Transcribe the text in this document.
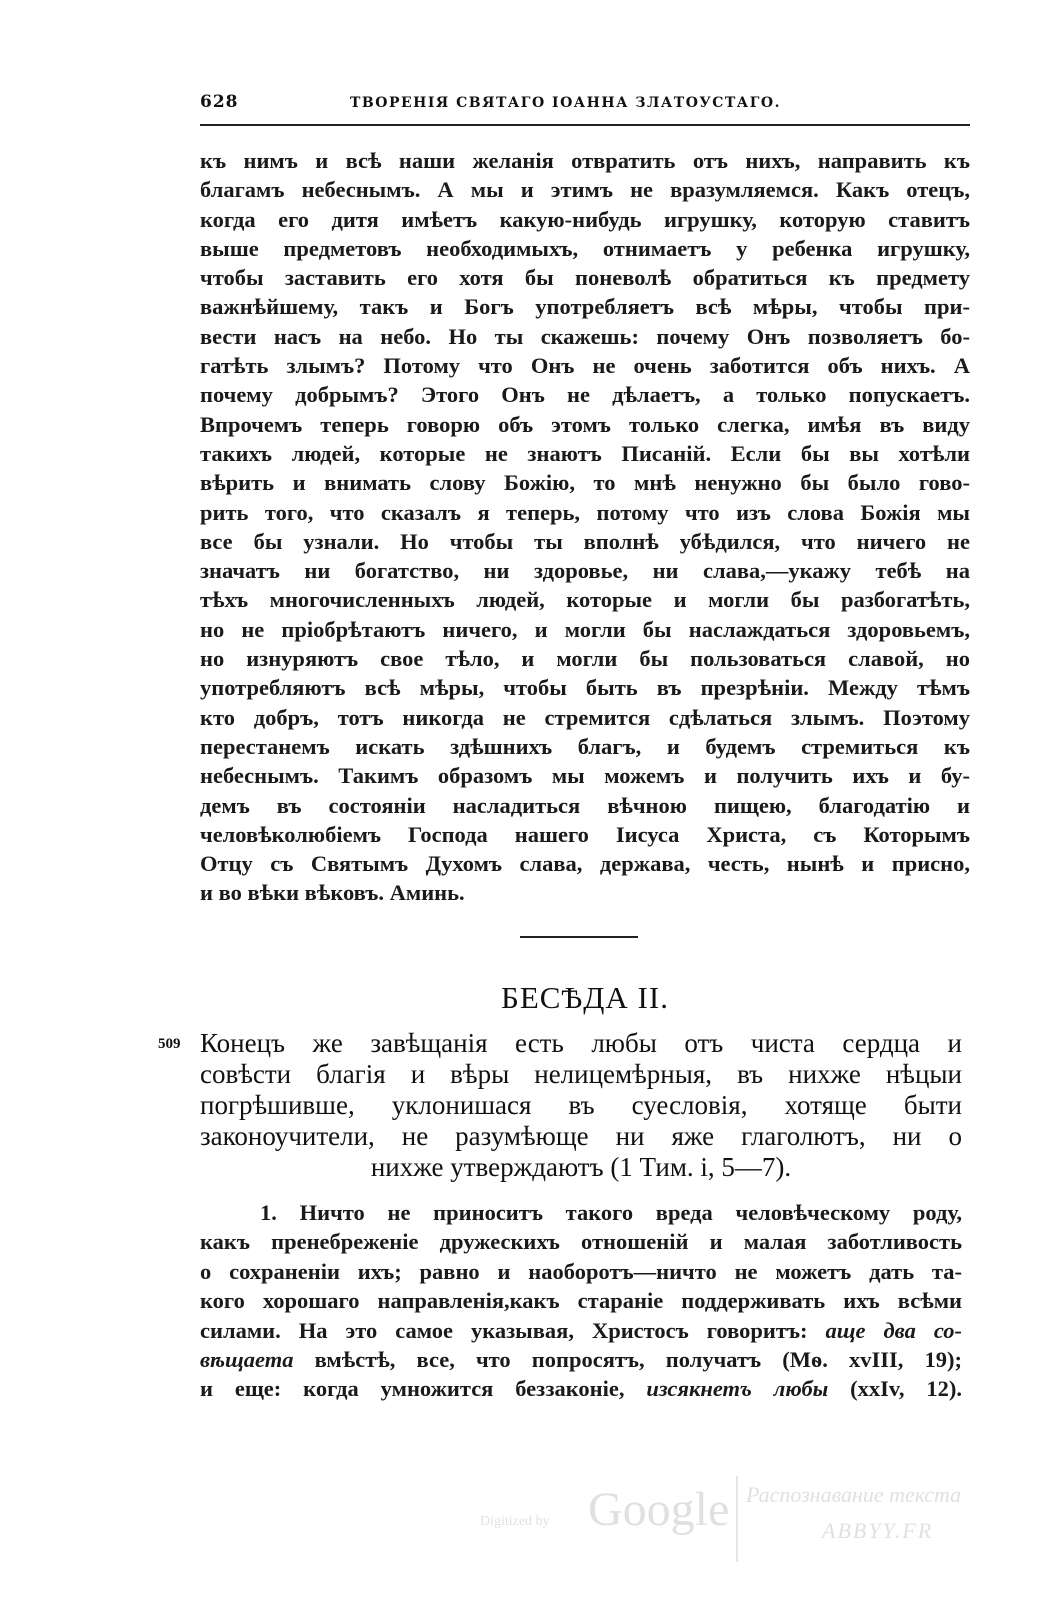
628	ТВОРЕНІЯ СВЯТАГО ІОАННА ЗЛАТОУСТАГО.
къ нимъ и всѣ наши желанія отвратить отъ нихъ, направить къ
благамъ небеснымъ. А мы и этимъ не вразумляемся. Какъ отецъ,
когда его дитя имѣетъ какую-нибудь игрушку, которую ставитъ
выше предметовъ необходимыхъ, отнимаетъ у ребенка игрушку,
чтобы заставить его хотя бы поневолѣ обратиться къ предмету
важнѣйшему, такъ и Богъ употребляетъ всѣ мѣры, чтобы при-
вести насъ на небо. Но ты скажешь: почему Онъ позволяетъ бо-
гатѣть злымъ? Потому что Онъ не очень заботится объ нихъ. А
почему добрымъ? Этого Онъ не дѣлаетъ, а только попускаетъ.
Впрочемъ теперь говорю объ этомъ только слегка, имѣя въ виду
такихъ людей, которые не знаютъ Писаній. Если бы вы хотѣли
вѣрить и внимать слову Божію, то мнѣ ненужно бы было гово-
рить того, что сказалъ я теперь, потому что изъ слова Божія мы
все бы узнали. Но чтобы ты вполнѣ убѣдился, что ничего не
значатъ ни богатство, ни здоровье, ни слава,—укажу тебѣ на
тѣхъ многочисленныхъ людей, которые и могли бы разбогатѣть,
но не пріобрѣтаютъ ничего, и могли бы наслаждаться здоровьемъ,
но изнуряютъ свое тѣло, и могли бы пользоваться славой, но
употребляютъ всѣ мѣры, чтобы быть въ презрѣніи. Между тѣмъ
кто добръ, тотъ никогда не стремится сдѣлаться злымъ. Поэтому
перестанемъ искать здѣшнихъ благъ, и будемъ стремиться къ
небеснымъ. Такимъ образомъ мы можемъ и получить ихъ и бу-
демъ въ состояніи насладиться вѣчною пищею, благодатію и
человѣколюбіемъ Господа нашего Іисуса Христа, съ Которымъ
Отцу съ Святымъ Духомъ слава, держава, честь, нынѣ и присно,
и во вѣки вѣковъ. Аминь.
БЕСѢДА II.
509 Конецъ же завѣщанія есть любы отъ чиста сердца и
совѣсти благія и вѣры нелицемѣрныя, въ нихже нѣцыи
погрѣшивше, уклонишася въ суесловія, хотяще быти
законоучители, не разумѣюще ни яже глаголютъ, ни о
нихже утверждаютъ (1 Тим. і, 5—7).
1. Ничто не приноситъ такого вреда человѣческому роду,
какъ пренебреженіе дружескихъ отношеній и малая заботливость
о сохраненіи ихъ; равно и наоборотъ—ничто не можетъ дать та-
кого хорошаго направленія,какъ стараніе поддерживать ихъ всѣми
силами. На это самое указывая, Христосъ говоритъ: аще два со-
вѣщаета вмѣстѣ, все, что попросятъ, получатъ (Мѳ. xvIII, 19);
и еще: когда умножится беззаконіе, изсякнетъ любы (xxIv, 12).
Digitized by Google Распознавание текста
ABBYY.FR
